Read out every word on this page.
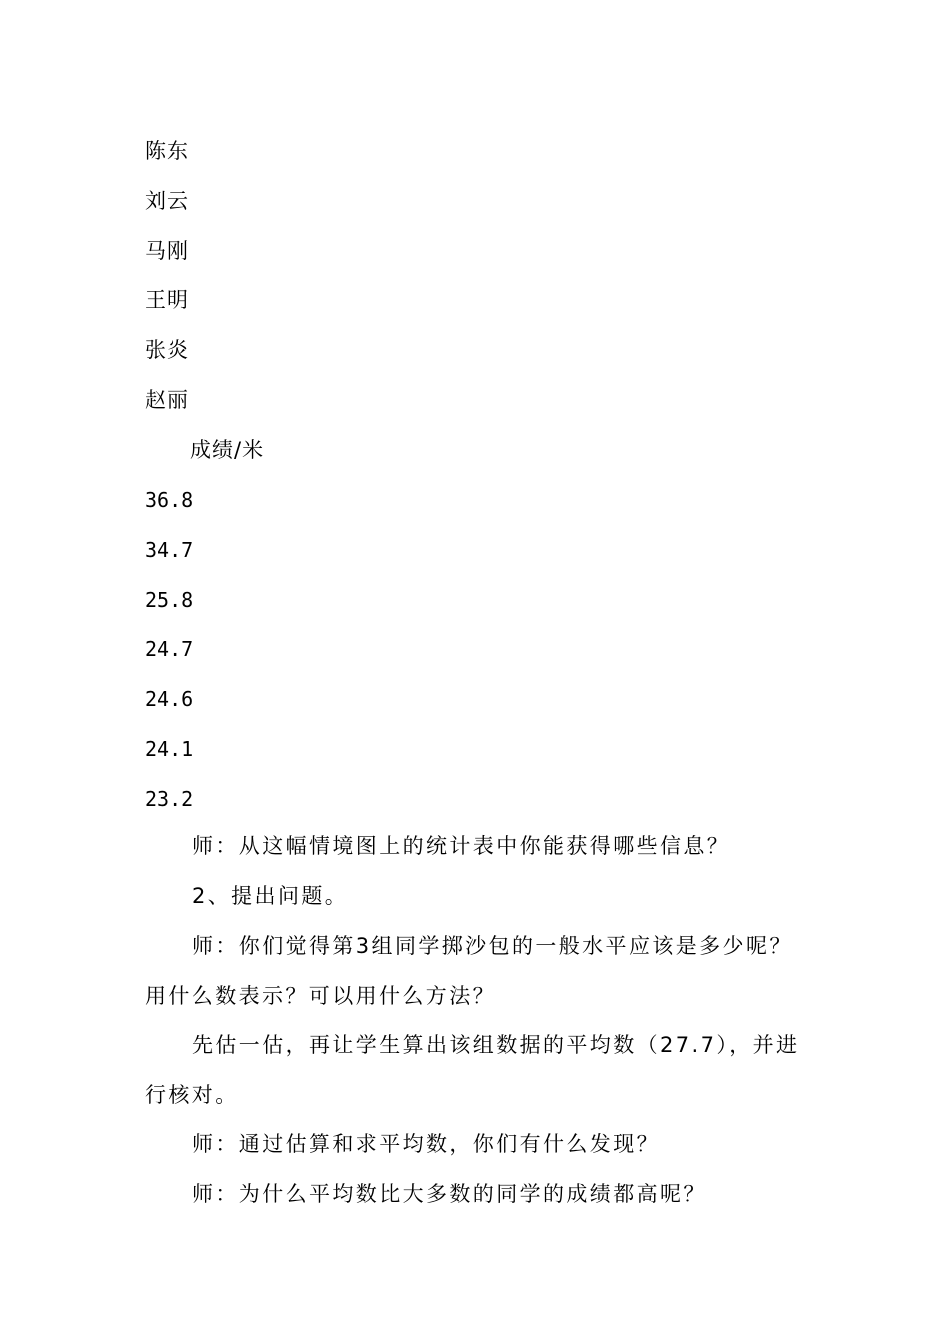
陈东
刘云
马刚
王明
张炎
赵丽
成绩/米
36.8
34.7
25.8
24.7
24.6
24.1
23.2
师：从这幅情境图上的统计表中你能获得哪些信息？
2、提出问题。
师：你们觉得第3组同学掷沙包的一般水平应该是多少呢？用什么数表示？可以用什么方法？
先估一估，再让学生算出该组数据的平均数（27.7），并进行核对。
师：通过估算和求平均数，你们有什么发现？
师：为什么平均数比大多数的同学的成绩都高呢？
